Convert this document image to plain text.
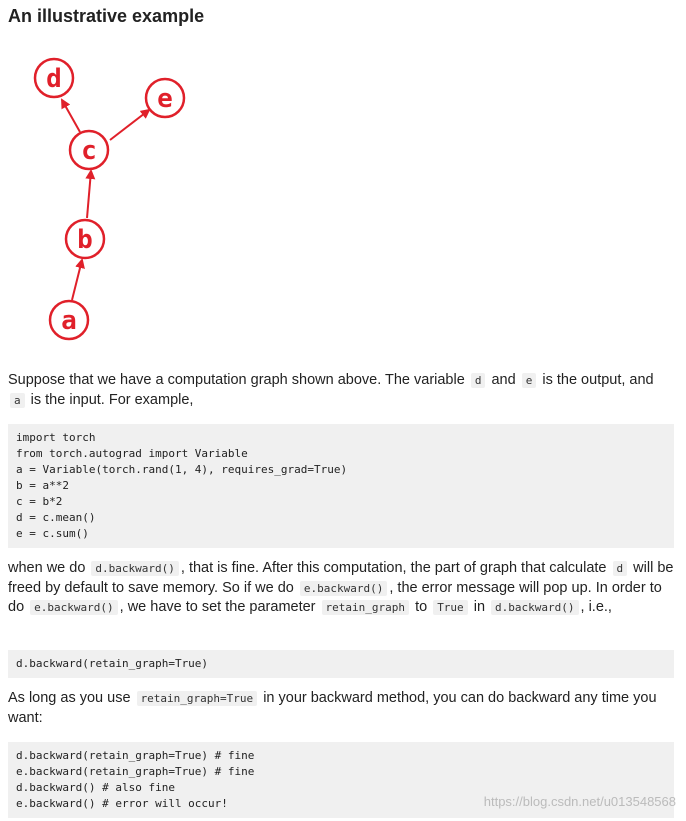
An illustrative example
d
e
c
b
a

Suppose that we have a computation graph shown above. The variable d and e is the output, and a is the input. For example,

import torch
from torch.autograd import Variable
a = Variable(torch.rand(1, 4), requires_grad=True)
b = a**2
c = b*2
d = c.mean()
e = c.sum()

when we do d.backward() , that is fine. After this computation, the part of graph that calculate d will be freed by default to save memory. So if we do e.backward() , the error message will pop up. In order to do e.backward() , we have to set the parameter retain_graph to True in d.backward() , i.e.,

d.backward(retain_graph=True)

As long as you use retain_graph=True in your backward method, you can do backward any time you want:

d.backward(retain_graph=True) # fine
e.backward(retain_graph=True) # fine
d.backward() # also fine
e.backward() # error will occur!	https://blog.csdn.net/u013548568
